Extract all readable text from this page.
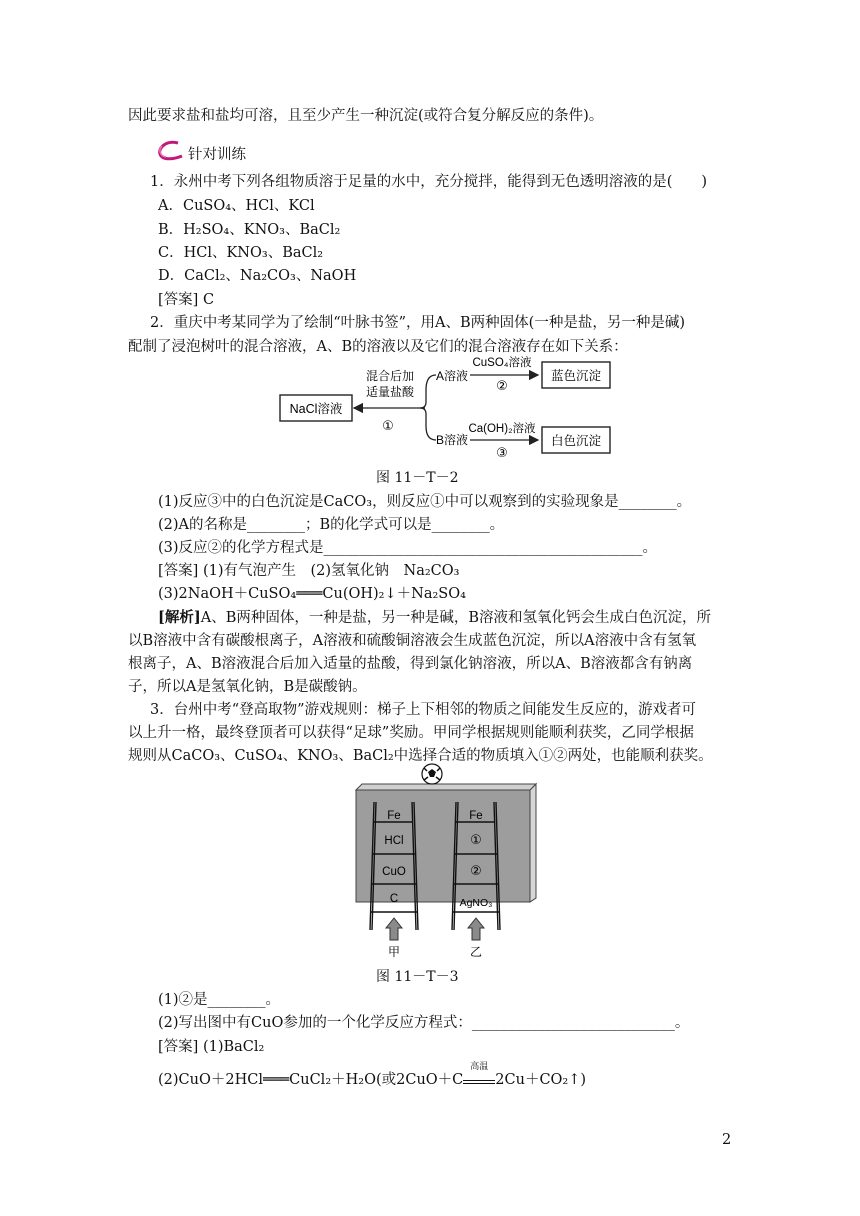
因此要求盐和盐均可溶，且至少产生一种沉淀(或符合复分解反应的条件)。
针对训练
1．永州中考下列各组物质溶于足量的水中，充分搅拌，能得到无色透明溶液的是(　　)
A．CuSO₄、HCl、KCl
B．H₂SO₄、KNO₃、BaCl₂
C．HCl、KNO₃、BaCl₂
D．CaCl₂、Na₂CO₃、NaOH
[答案] C
2．重庆中考某同学为了绘制“叶脉书签”，用A、B两种固体(一种是盐，另一种是碱)
配制了浸泡树叶的混合溶液，A、B的溶液以及它们的混合溶液存在如下关系：
NaCl溶液
混合后加
适量盐酸
①
A溶液
B溶液
CuSO₄溶液
②
蓝色沉淀
Ca(OH)₂溶液
③
白色沉淀
图 11－T－2
(1)反应③中的白色沉淀是CaCO₃，则反应①中可以观察到的实验现象是________。
(2)A的名称是________；B的化学式可以是________。
(3)反应②的化学方程式是____________________________________________。
[答案] (1)有气泡产生　(2)氢氧化钠　Na₂CO₃
(3)2NaOH＋CuSO₄═══Cu(OH)₂↓＋Na₂SO₄
[解析]A、B两种固体，一种是盐，另一种是碱，B溶液和氢氧化钙会生成白色沉淀，所
以B溶液中含有碳酸根离子，A溶液和硫酸铜溶液会生成蓝色沉淀，所以A溶液中含有氢氧
根离子，A、B溶液混合后加入适量的盐酸，得到氯化钠溶液，所以A、B溶液都含有钠离
子，所以A是氢氧化钠，B是碳酸钠。
3．台州中考“登高取物”游戏规则：梯子上下相邻的物质之间能发生反应的，游戏者可
以上升一格，最终登顶者可以获得“足球”奖励。甲同学根据规则能顺利获奖，乙同学根据
规则从CaCO₃、CuSO₄、KNO₃、BaCl₂中选择合适的物质填入①②两处，也能顺利获奖。
Fe
HCl
CuO
C
Fe
①
②
AgNO₃
甲	乙
图 11－T－3
(1)②是________。
(2)写出图中有CuO参加的一个化学反应方程式：____________________________。
[答案] (1)BaCl₂
(2)CuO＋2HCl═══CuCl₂＋H₂O(或2CuO＋C
高温
2Cu＋CO₂↑)
2
